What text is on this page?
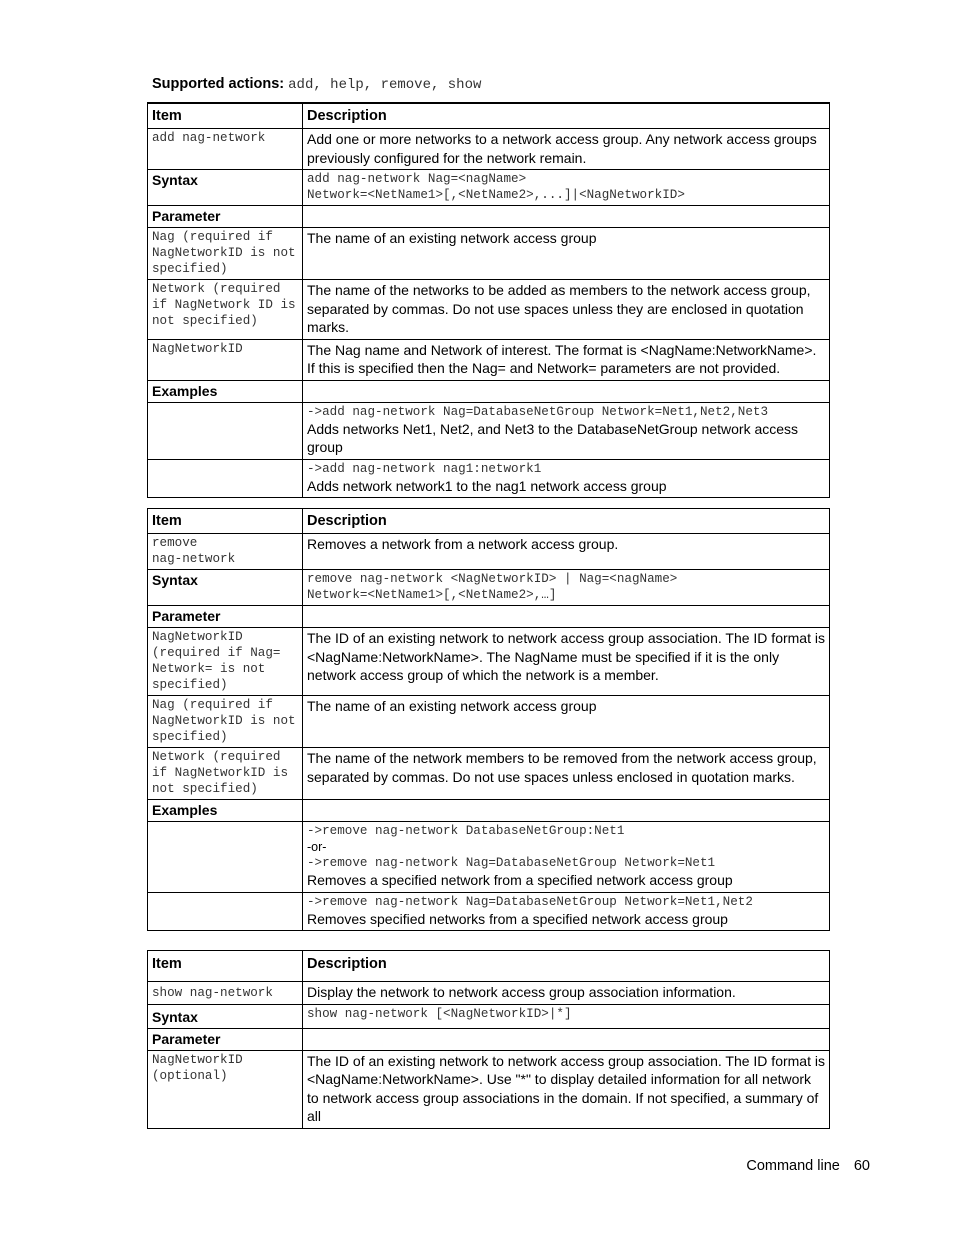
Supported actions: add, help, remove, show
Item	Description

add nag-network	Add one or more networks to a network access group. Any network access groups previously configured for the network remain.

Syntax	add nag-network Nag=<nagName>
Network=<NetName1>[,<NetName2>,...]|<NagNetworkID>

Parameter	

Nag (required if NagNetworkID is not specified)	The name of an existing network access group

Network (required if NagNetwork ID is not specified)	The name of the networks to be added as members to the network access group, separated by commas. Do not use spaces unless they are enclosed in quotation marks.

NagNetworkID	The Nag name and Network of interest. The format is <NagName:NetworkName>. If this is specified then the Nag= and Network= parameters are not provided.

Examples	

	->add nag-network Nag=DatabaseNetGroup Network=Net1,Net2,Net3
Adds networks Net1, Net2, and Net3 to the DatabaseNetGroup network access group

	->add nag-network nag1:network1
Adds network network1 to the nag1 network access group
Item	Description

remove
nag-network	Removes a network from a network access group.

Syntax	remove nag-network <NagNetworkID> | Nag=<nagName>
Network=<NetName1>[,<NetName2>,…]

Parameter	

NagNetworkID (required if Nag= Network= is not specified)	The ID of an existing network to network access group association. The ID format is <NagName:NetworkName>. The NagName must be specified if it is the only network access group of which the network is a member.

Nag (required if NagNetworkID is not specified)	The name of an existing network access group

Network (required if NagNetworkID is not specified)	The name of the network members to be removed from the network access group, separated by commas. Do not use spaces unless enclosed in quotation marks.

Examples	

	->remove nag-network DatabaseNetGroup:Net1
-or-
->remove nag-network Nag=DatabaseNetGroup Network=Net1
Removes a specified network from a specified network access group

	->remove nag-network Nag=DatabaseNetGroup Network=Net1,Net2
Removes specified networks from a specified network access group
Item	Description

show nag-network	Display the network to network access group association information.

Syntax	show nag-network [<NagNetworkID>|*]

Parameter	

NagNetworkID (optional)	The ID of an existing network to network access group association. The ID format is <NagName:NetworkName>. Use "*" to display detailed information for all network to network access group associations in the domain. If not specified, a summary of all
Command line 60
